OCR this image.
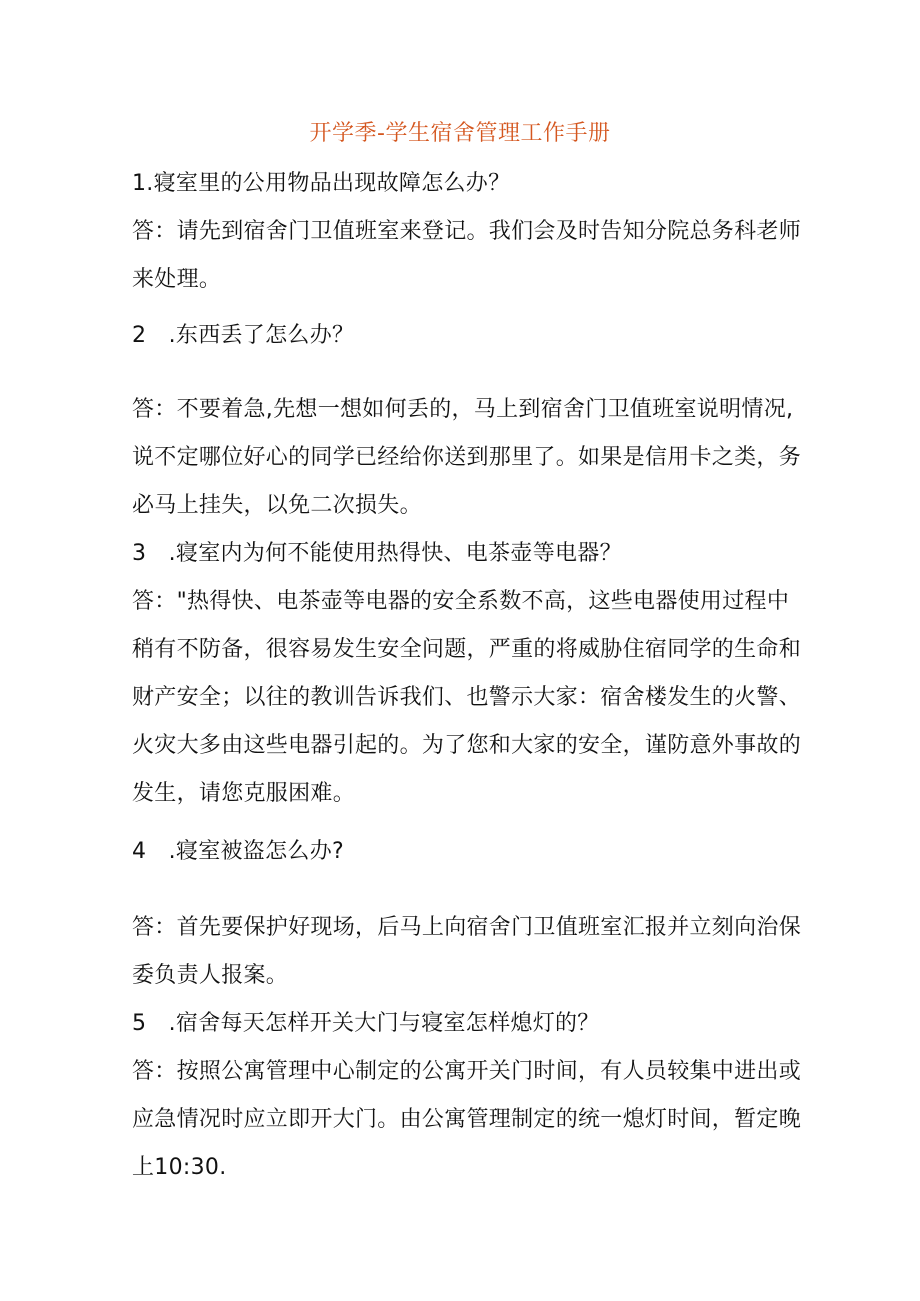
开学季-学生宿舍管理工作手册
1.寝室里的公用物品出现故障怎么办？
答：请先到宿舍门卫值班室来登记。我们会及时告知分院总务科老师来处理。
2　.东西丢了怎么办？
答：不要着急,先想一想如何丢的，马上到宿舍门卫值班室说明情况,说不定哪位好心的同学已经给你送到那里了。如果是信用卡之类，务必马上挂失，以免二次损失。
3　.寝室内为何不能使用热得快、电茶壶等电器？
答："热得快、电茶壶等电器的安全系数不高，这些电器使用过程中稍有不防备，很容易发生安全问题，严重的将威胁住宿同学的生命和财产安全；以往的教训告诉我们、也警示大家：宿舍楼发生的火警、火灾大多由这些电器引起的。为了您和大家的安全，谨防意外事故的发生，请您克服困难。
4　.寝室被盗怎么办?
答：首先要保护好现场，后马上向宿舍门卫值班室汇报并立刻向治保委负责人报案。
5　.宿舍每天怎样开关大门与寝室怎样熄灯的？
答：按照公寓管理中心制定的公寓开关门时间，有人员较集中进出或应急情况时应立即开大门。由公寓管理制定的统一熄灯时间，暂定晚上10:30.
